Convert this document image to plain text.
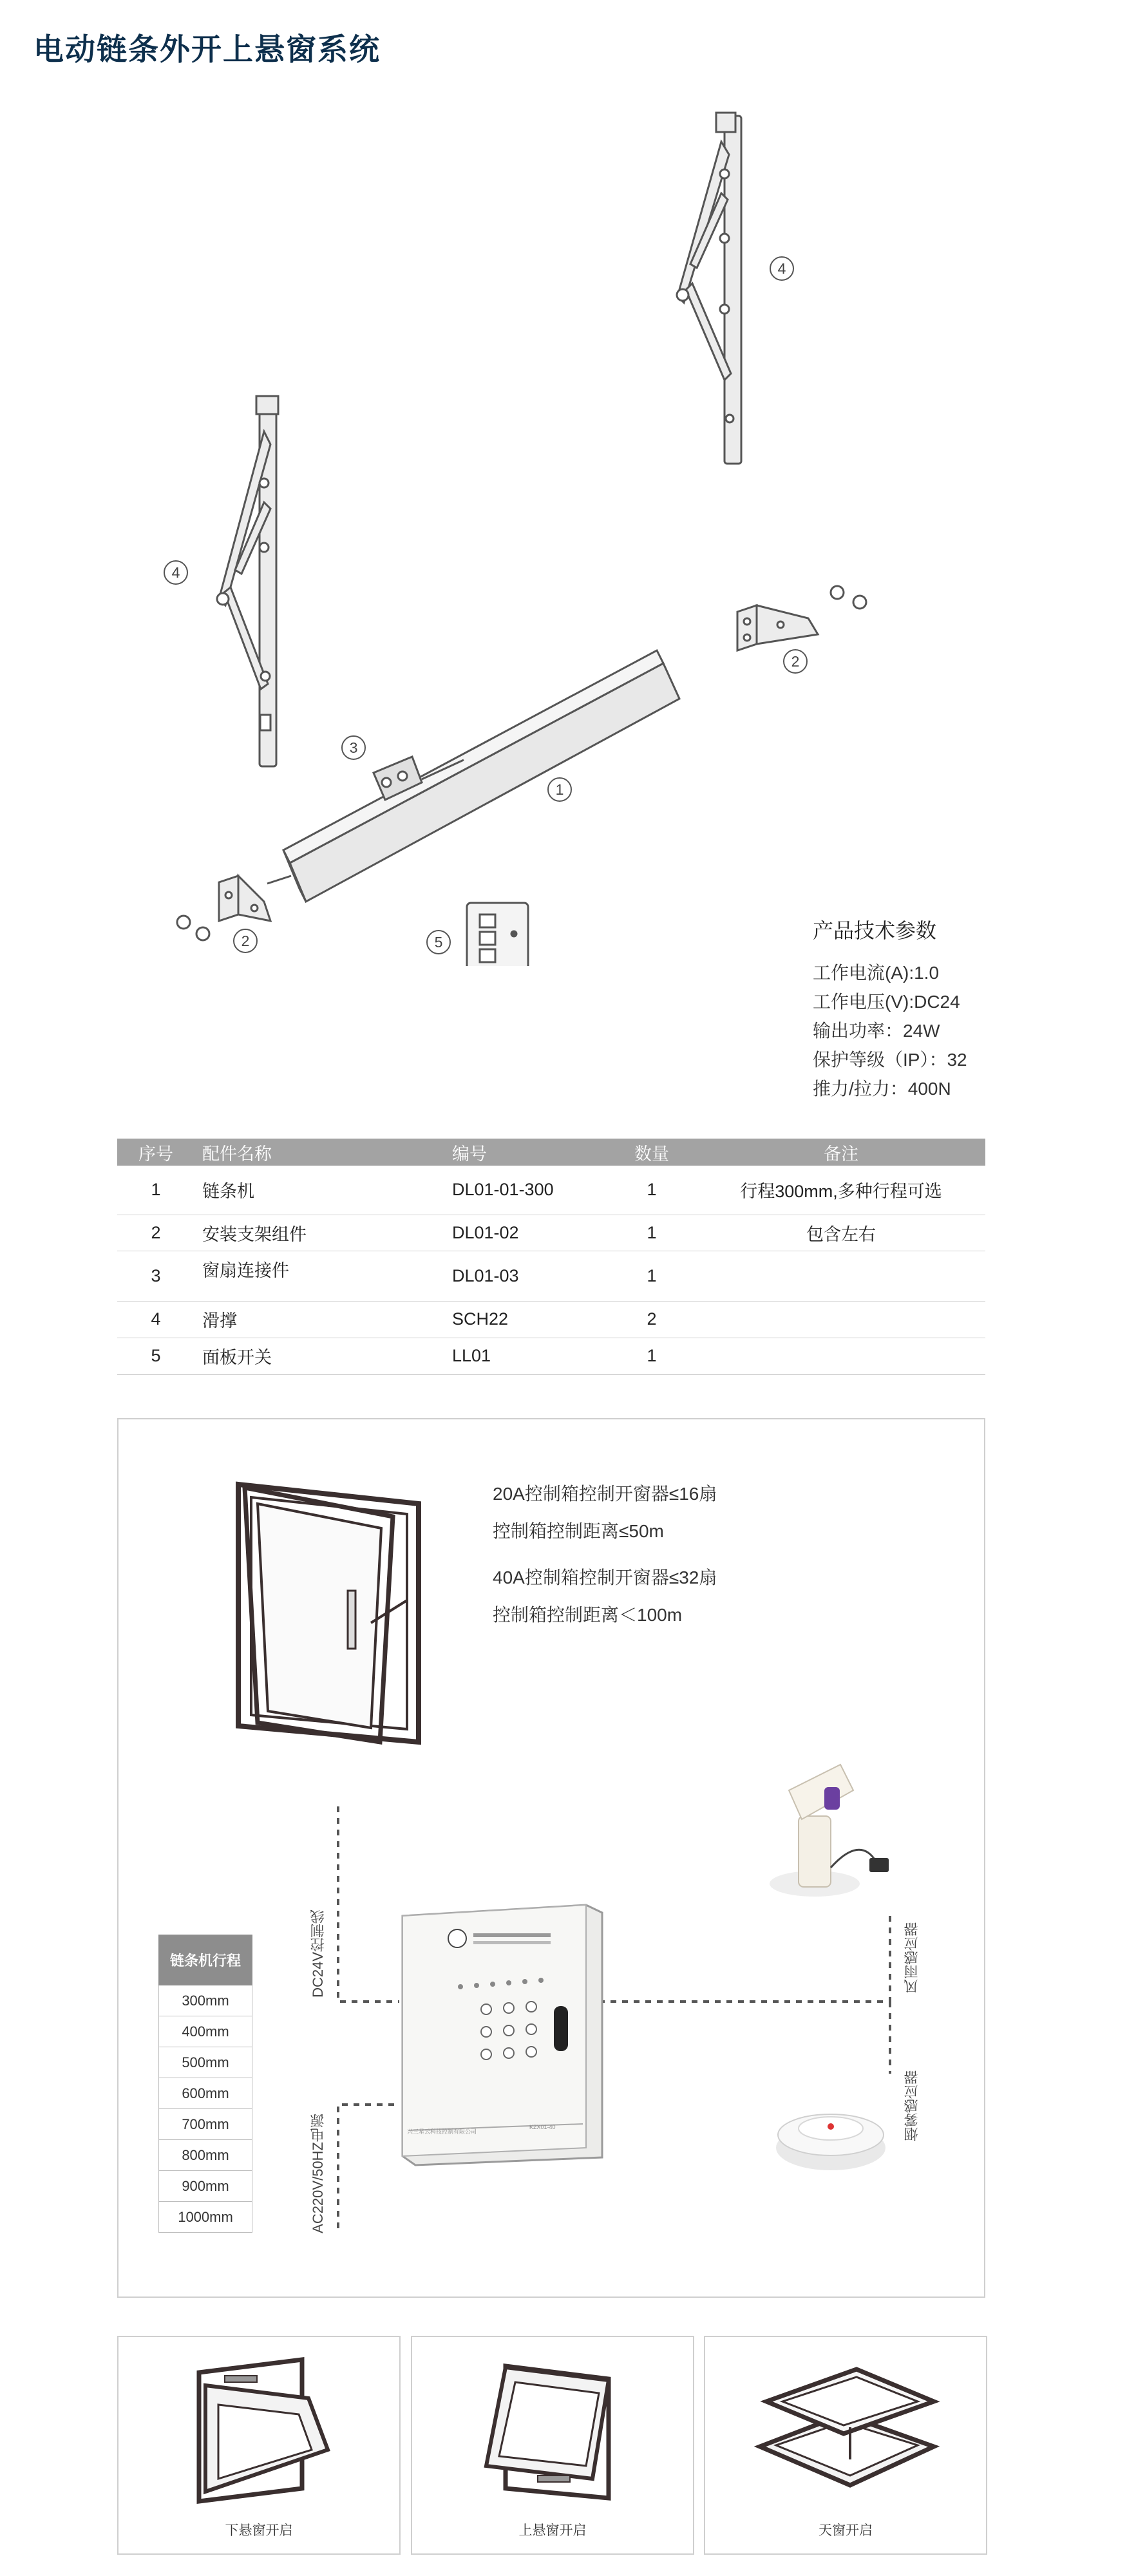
电动链条外开上悬窗系统
4
4
2
3
1
2	5	产品技术参数
工作电流(A):1.0
工作电压(V):DC24
输出功率：24W
保护等级（IP）：32
推力/拉力：400N
序号	配件名称	编号	数量	备注
1	链条机	DL01-01-300	1	行程300mm,多种行程可选
2	安装支架组件	DL01-02	1	包含左右
3	窗扇连接件	DL01-03	1	
4	滑撑	SCH22	2	
5	面板开关	LL01	1	
20A控制箱控制开窗器≤16扇
控制箱控制距离≤50m
40A控制箱控制开窗器≤32扇
控制箱控制距离＜100m
DC24V控制线
AC220V/50HZ电源
风雨感应器
烟雾感应器
链条机行程
300mm
400mm
500mm
600mm
700mm
800mm
900mm
1000mm
兴三星云科技控制有限公司
KZX01-40
下悬窗开启	上悬窗开启	天窗开启
